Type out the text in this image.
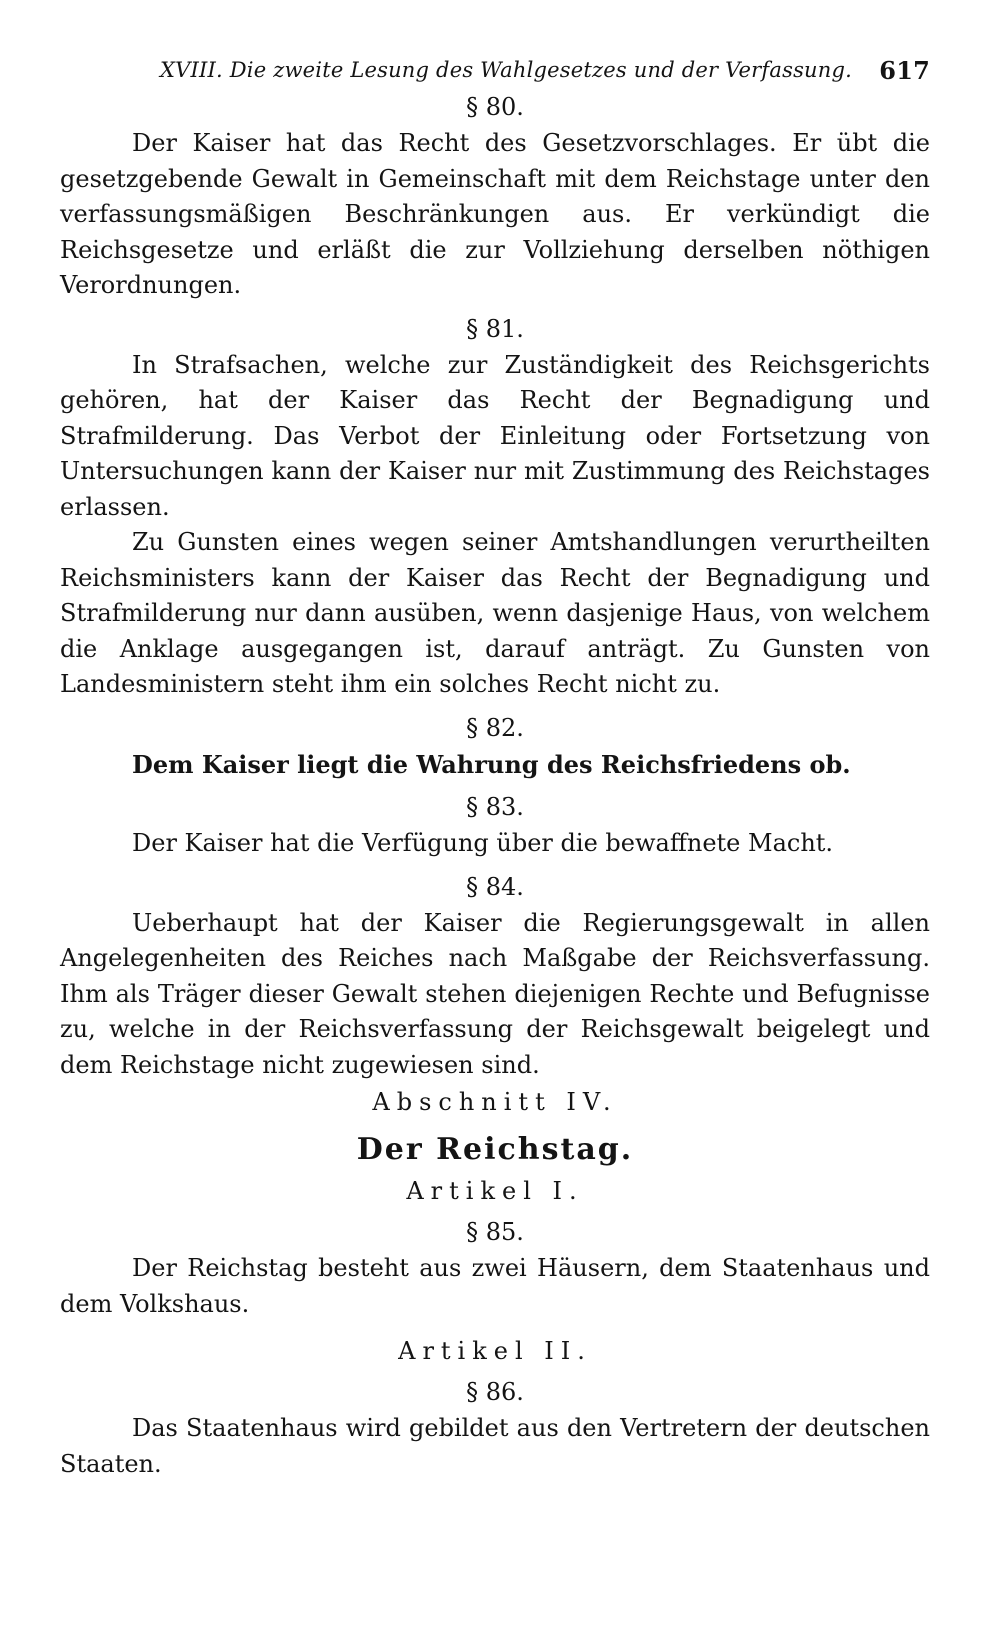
XVIII. Die zweite Lesung des Wahlgesetzes und der Verfassung. 617

§ 80.

Der Kaiser hat das Recht des Gesetzvorschlages. Er übt die gesetzgebende Gewalt in Gemeinschaft mit dem Reichstage unter den verfassungsmäßigen Beschränkungen aus. Er verkündigt die Reichsgesetze und erläßt die zur Vollziehung derselben nöthigen Verordnungen.

§ 81.

In Strafsachen, welche zur Zuständigkeit des Reichsgerichts gehören, hat der Kaiser das Recht der Begnadigung und Strafmilderung. Das Verbot der Einleitung oder Fortsetzung von Untersuchungen kann der Kaiser nur mit Zustimmung des Reichstages erlassen.

Zu Gunsten eines wegen seiner Amtshandlungen verurtheilten Reichsministers kann der Kaiser das Recht der Begnadigung und Strafmilderung nur dann ausüben, wenn dasjenige Haus, von welchem die Anklage ausgegangen ist, darauf anträgt. Zu Gunsten von Landesministern steht ihm ein solches Recht nicht zu.

§ 82.

Dem Kaiser liegt die Wahrung des Reichsfriedens ob.

§ 83.

Der Kaiser hat die Verfügung über die bewaffnete Macht.

§ 84.

Ueberhaupt hat der Kaiser die Regierungsgewalt in allen Angelegenheiten des Reiches nach Maßgabe der Reichsverfassung. Ihm als Träger dieser Gewalt stehen diejenigen Rechte und Befugnisse zu, welche in der Reichsverfassung der Reichsgewalt beigelegt und dem Reichstage nicht zugewiesen sind.

Abschnitt IV.

Der Reichstag.

Artikel I.

§ 85.

Der Reichstag besteht aus zwei Häusern, dem Staatenhaus und dem Volkshaus.

Artikel II.

§ 86.

Das Staatenhaus wird gebildet aus den Vertretern der deutschen Staaten.
